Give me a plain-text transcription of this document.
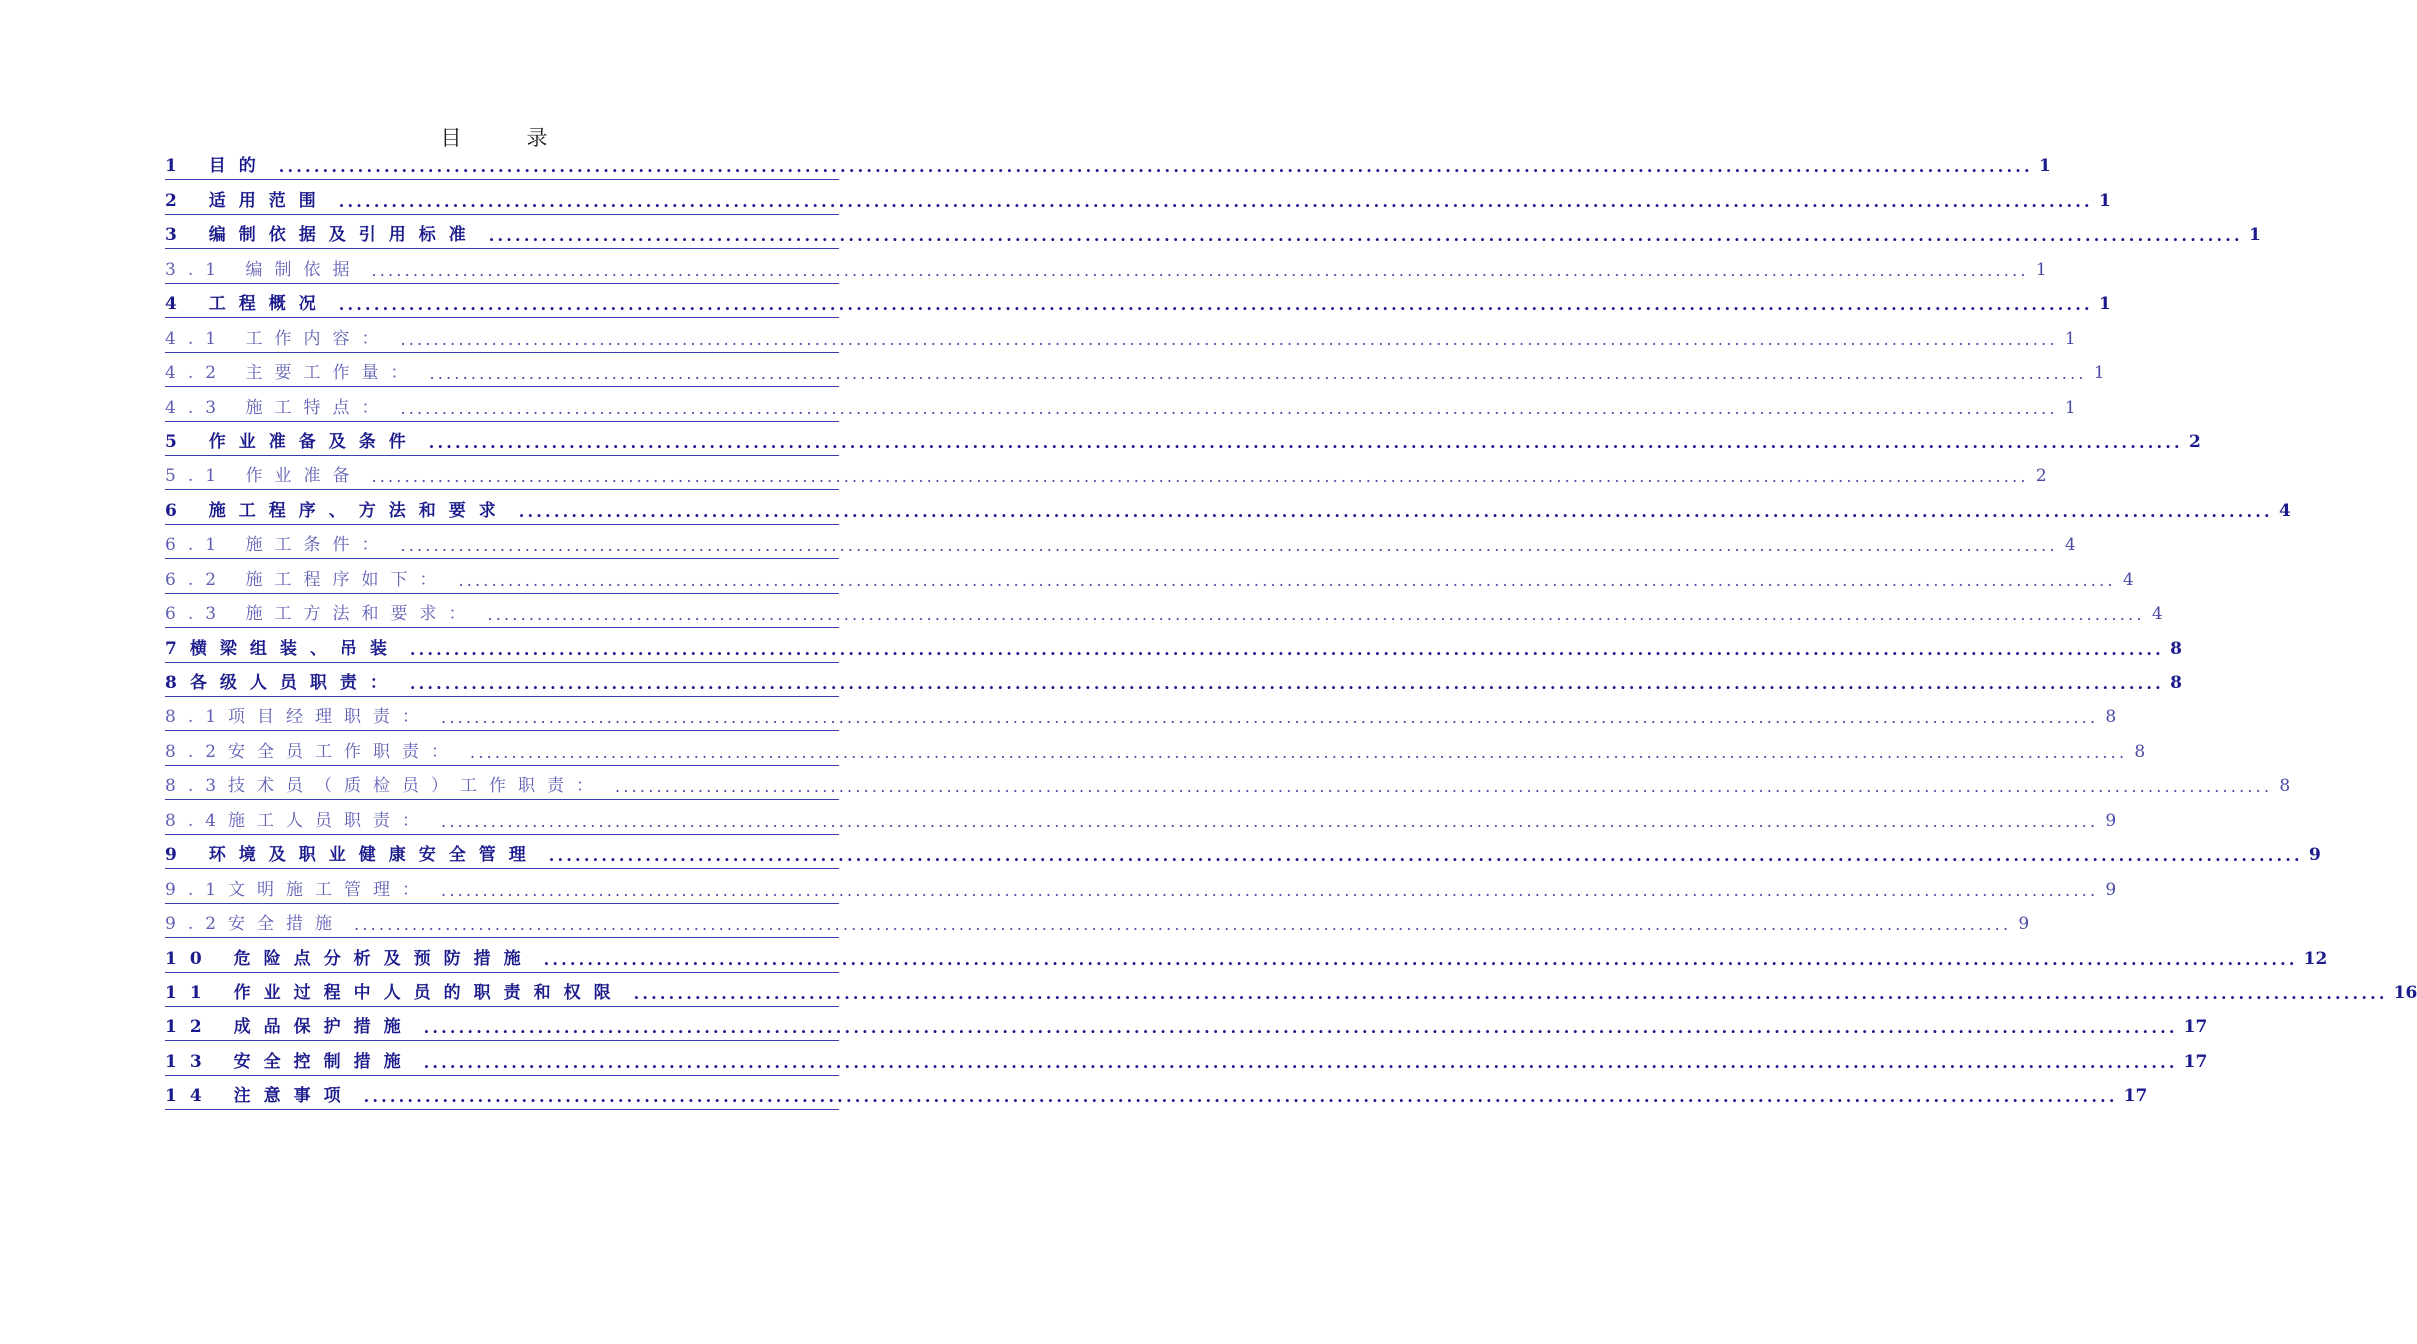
目　录
1 目的 ........................................................................................................................................................................................................ 1
2 适用范围 ........................................................................................................................................................................................................ 1
3 编制依据及引用标准 ........................................................................................................................................................................................................ 1
3.1 编制依据 ........................................................................................................................................................................................................ 1
4 工程概况 ........................................................................................................................................................................................................ 1
4.1 工作内容： ........................................................................................................................................................................................................ 1
4.2 主要工作量： ........................................................................................................................................................................................................ 1
4.3 施工特点： ........................................................................................................................................................................................................ 1
5 作业准备及条件 ........................................................................................................................................................................................................ 2
5.1 作业准备 ........................................................................................................................................................................................................ 2
6 施工程序、方法和要求 ........................................................................................................................................................................................................ 4
6.1 施工条件： ........................................................................................................................................................................................................ 4
6.2 施工程序如下： ........................................................................................................................................................................................................ 4
6.3 施工方法和要求： ........................................................................................................................................................................................................ 4
7横梁组装、吊装 ........................................................................................................................................................................................................ 8
8各级人员职责： ........................................................................................................................................................................................................ 8
8.1项目经理职责： ........................................................................................................................................................................................................ 8
8.2安全员工作职责： ........................................................................................................................................................................................................ 8
8.3技术员（质检员）工作职责： ........................................................................................................................................................................................................ 8
8.4施工人员职责： ........................................................................................................................................................................................................ 9
9 环境及职业健康安全管理 ........................................................................................................................................................................................................ 9
9.1文明施工管理： ........................................................................................................................................................................................................ 9
9.2安全措施 ........................................................................................................................................................................................................ 9
10 危险点分析及预防措施 ........................................................................................................................................................................................................ 12
11 作业过程中人员的职责和权限 ........................................................................................................................................................................................................ 16
12 成品保护措施 ........................................................................................................................................................................................................ 17
13 安全控制措施 ........................................................................................................................................................................................................ 17
14 注意事项 ........................................................................................................................................................................................................ 17
